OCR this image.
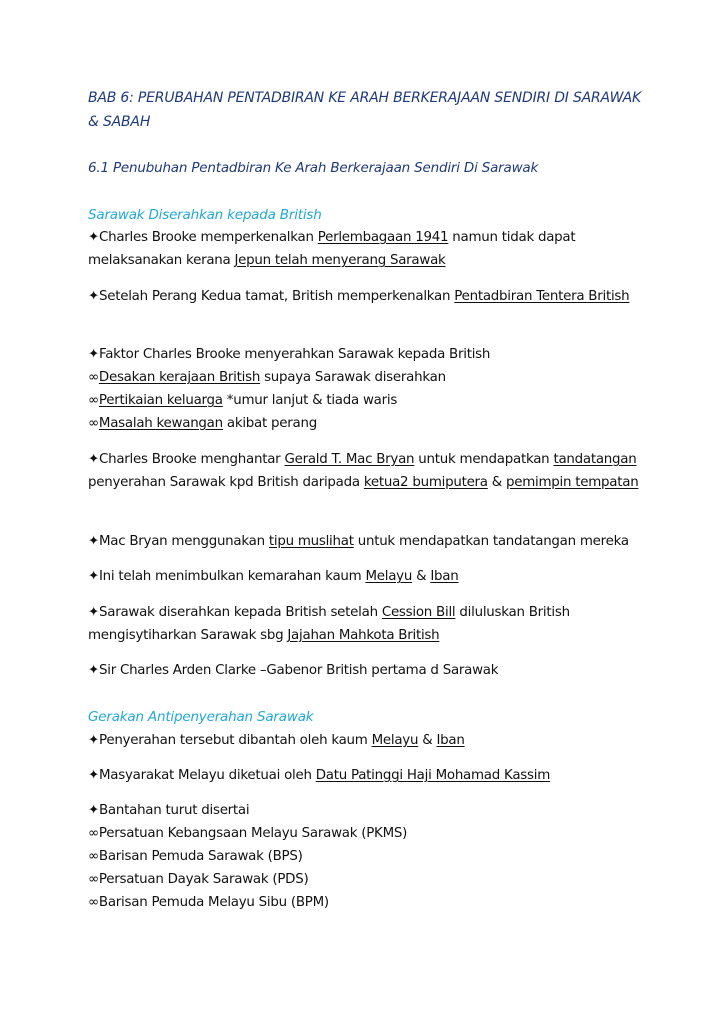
BAB 6: PERUBAHAN PENTADBIRAN KE ARAH BERKERAJAAN SENDIRI DI SARAWAK & SABAH
6.1 Penubuhan Pentadbiran Ke Arah Berkerajaan Sendiri Di Sarawak
Sarawak Diserahkan kepada British
✦Charles Brooke memperkenalkan Perlembagaan 1941 namun tidak dapat melaksanakan kerana Jepun telah menyerang Sarawak
✦Setelah Perang Kedua tamat, British memperkenalkan Pentadbiran Tentera British
✦Faktor Charles Brooke menyerahkan Sarawak kepada British
∞Desakan kerajaan British supaya Sarawak diserahkan
∞Pertikaian keluarga *umur lanjut & tiada waris
∞Masalah kewangan akibat perang
✦Charles Brooke menghantar Gerald T. Mac Bryan untuk mendapatkan tandatangan penyerahan Sarawak kpd British daripada ketua2 bumiputera & pemimpin tempatan
✦Mac Bryan menggunakan tipu muslihat untuk mendapatkan tandatangan mereka
✦Ini telah menimbulkan kemarahan kaum Melayu & Iban
✦Sarawak diserahkan kepada British setelah Cession Bill diluluskan British mengisytiharkan Sarawak sbg Jajahan Mahkota British
✦Sir Charles Arden Clarke –Gabenor British pertama d Sarawak
Gerakan Antipenyerahan Sarawak
✦Penyerahan tersebut dibantah oleh kaum Melayu & Iban
✦Masyarakat Melayu diketuai oleh Datu Patinggi Haji Mohamad Kassim
✦Bantahan turut disertai
∞Persatuan Kebangsaan Melayu Sarawak (PKMS)
∞Barisan Pemuda Sarawak (BPS)
∞Persatuan Dayak Sarawak (PDS)
∞Barisan Pemuda Melayu Sibu (BPM)
